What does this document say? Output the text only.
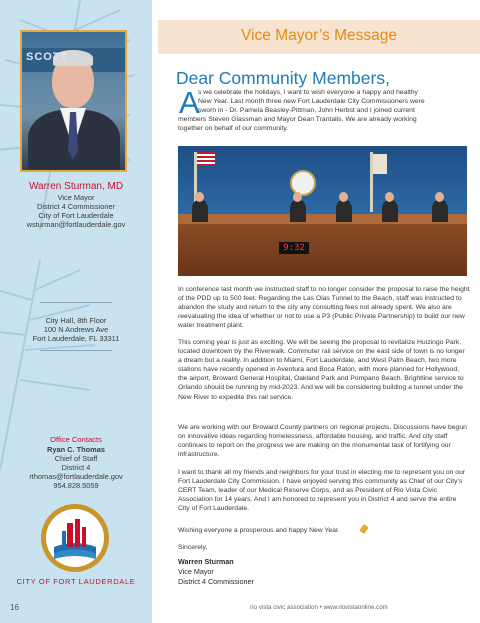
SCOTT
Warren Sturman, MD
Vice Mayor
District 4 Commissioner
City of Fort Lauderdale
wsturman@fortlauderdale.gov
City Hall, 8th Floor
100 N Andrews Ave
Fort Lauderdale, FL 33311
Office Contacts
Ryan C. Thomas
Chief of Staff
District 4
rthomas@fortlauderdale.gov
954.828.5059
CITY OF FORT LAUDERDALE
16
Vice Mayor’s Message
Dear Community Members,
A
s we celebrate the holidays, I want to wish everyone a happy and healthy
New Year. Last month three new Fort Lauderdale City Commissioners were
sworn in - Dr. Pamela Beasley-Pittman, John Herbst and I joined current
members Steven Glassman and Mayor Dean Trantalis. We are already working
together on behalf of our community.
9:32

In conference last month we instructed staff to no longer consider the proposal to raise the height of the PDD up to 500 feet. Regarding the Las Olas Tunnel to the Beach, staff was instructed to abandon the study and return to the city any consulting fees not already spent. We also are reevaluating the idea of whether or not to use a P3 (Public Private Partnership) to build our new water treatment plant.

This coming year is just as exciting. We will be seeing the proposal to revitalize Huizingo Park, located downtown by the Riverwalk. Commuter rail service on the east side of town is no longer a dream but a reality. In addition to Miami, Fort Lauderdale, and West Palm Beach, two more stations have recently opened in Aventura and Boca Raton, with more planned for Hollywood, the airport, Broward General Hospital, Oakland Park and Pompano Beach. Brightline service to Orlando should be running by mid-2023. And we will be considering building a tunnel under the New River to expedite this rail service.

We are working with our Broward County partners on regional projects. Discussions have begun on innovative ideas regarding homelessness, affordable housing, and traffic. And city staff continues to report on the progress we are making on the monumental task of fortifying our infrastructure.

I want to thank all my friends and neighbors for your trust in electing me to represent you on our Fort Lauderdale City Commission. I have enjoyed serving this community as Chief of our City’s CERT Team, leader of our Medical Reserve Corps, and as President of Rio Vista Civic Association for 14 years. And I am honored to represent you in District 4 and serve the entire City of Fort Lauderdale.

Wishing everyone a prosperous and happy New Year.

Sincerely,

Warren Sturman
Vice Mayor
District 4 Commissioner
rio vista civic association • www.riovistaonline.com
